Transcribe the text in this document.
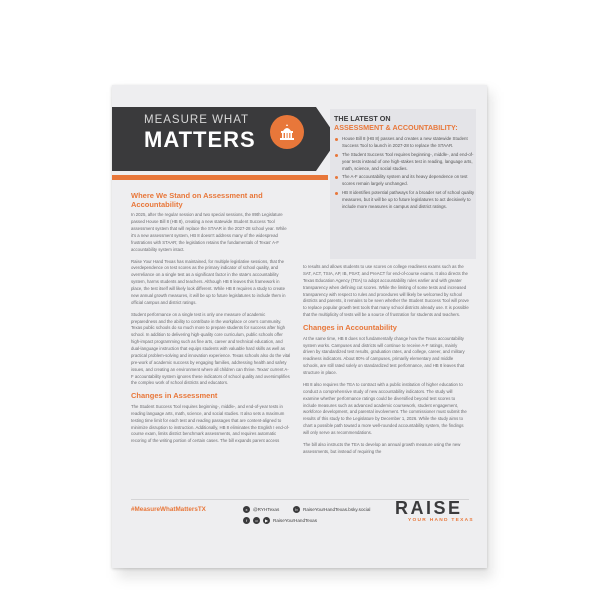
MEASURE WHAT
MATTERS
THE LATEST ON
ASSESSMENT & ACCOUNTABILITY:
House Bill 8 (HB 8) passes and creates a new statewide Student Success Tool to launch in 2027-28 to replace the STAAR.
The Student Success Tool requires beginning-, middle-, and end-of-year tests instead of one high-stakes test in reading, language arts, math, science, and social studies.
The A-F accountability system and its heavy dependence on test scores remain largely unchanged.
HB 8 identifies potential pathways for a broader set of school quality measures, but it will be up to future legislatures to act decisively to include more measures in campus and district ratings.
Where We Stand on Assessment and Accountability

In 2025, after the regular session and two special sessions, the 89th Legislature passed House Bill 8 (HB 8), creating a new statewide Student Success Tool assessment system that will replace the STAAR in the 2027-28 school year. While it's a new assessment system, HB 8 doesn't address many of the widespread frustrations with STAAR; the legislation retains the fundamentals of Texas' A-F accountability system intact.

Raise Your Hand Texas has maintained, for multiple legislative sessions, that the overdependence on test scores as the primary indicator of school quality, and overreliance on a single test as a significant factor in the state's accountability system, harms students and teachers. Although HB 8 leaves this framework in place, the test itself will likely look different. While HB 8 requires a study to create new annual growth measures, it will be up to future legislatures to include them in official campus and district ratings.

Student performance on a single test is only one measure of academic preparedness and the ability to contribute in the workplace or one's community. Texas public schools do so much more to prepare students for success after high school. In addition to delivering high-quality core curriculum, public schools offer high-impact programming such as fine arts, career and technical education, and dual-language instruction that equips students with valuable hard skills as well as practical problem-solving and innovation experience. Texas schools also do the vital pre-work of academic success by engaging families, addressing health and safety issues, and creating an environment where all children can thrive. Texas' current A-F accountability system ignores these indicators of school quality and oversimplifies the complex work of school districts and educators.

Changes in Assessment

The Student Success Tool requires beginning-, middle-, and end-of-year tests in reading language arts, math, science, and social studies. It also sets a maximum testing time limit for each test and reading passages that are content-aligned to minimize disruption to instruction. Additionally, HB 8 eliminates the English I end-of-course exam, limits district benchmark assessments, and requires automatic recoring of the writing portion of certain cases. The bill expands parent access

to results and allows students to use scores on college readiness exams such as the SAT, ACT, TSIA, AP, IB, PSAT, and PreACT for end-of-course exams. It also directs the Texas Education Agency (TEA) to adopt accountability rules earlier and with greater transparency when defining cut scores. While the limiting of some tests and increased transparency with respect to rules and procedures will likely be welcomed by school districts and parents, it remains to be seen whether the Student Success Tool will prove to replace popular growth test tools that many school districts already use. It is possible that the multiplicity of tests will be a source of frustration for students and teachers.

Changes in Accountability

At the same time, HB 8 does not fundamentally change how the Texas accountability system works. Campuses and districts will continue to receive A-F ratings, mainly driven by standardized test results, graduation rates, and college, career, and military readiness indicators. About 80% of campuses, primarily elementary and middle schools, are still rated solely on standardized test performance, and HB 8 leaves that structure in place.

HB 8 also requires the TEA to contract with a public institution of higher education to conduct a comprehensive study of new accountability indicators. The study will examine whether performance ratings could be diversified beyond test scores to include measures such as advanced academic coursework, student engagement, workforce development, and parental involvement. The commissioner must submit the results of this study to the Legislature by December 1, 2026. While the study aims to chart a possible path toward a more well-rounded accountability system, the findings will only serve as recommendations.

The bill also instructs the TEA to develop an annual growth measure using the new assessments, but instead of requiring the

#MeasureWhatMattersTX	x	@RYHTexas	b	RaiseYourHandTexas.bsky.social
f	o	▶	RaiseYourHandTexas
RAISE
YOUR HAND TEXAS
